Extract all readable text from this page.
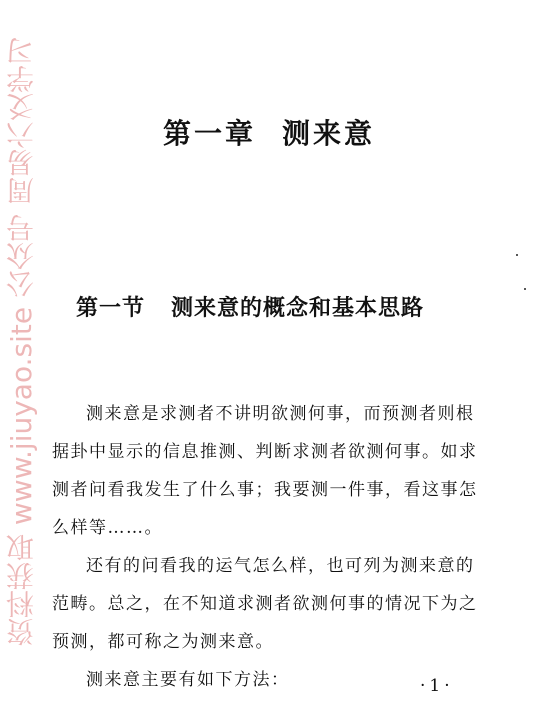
资料获取 www.jiuyao.site 公众号 周易六爻学习	第一章 测来意
第一节 测来意的概念和基本思路

测来意是求测者不讲明欲测何事，而预测者则根据卦中显示的信息推测、判断求测者欲测何事。如求测者问看我发生了什么事；我要测一件事，看这事怎么样等……。

还有的问看我的运气怎么样，也可列为测来意的范畴。总之，在不知道求测者欲测何事的情况下为之预测，都可称之为测来意。

测来意主要有如下方法：	·1·
